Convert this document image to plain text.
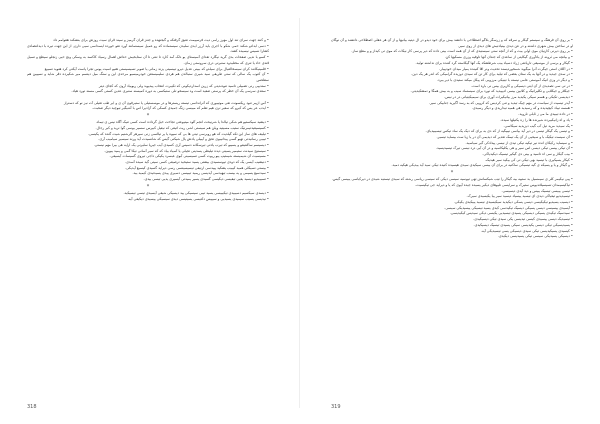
• و کنند جهت سرای تند اول مهرز رامی دیت فرسپیمت تعیق گرفتکه و گبجنهده و جنتز قران گرمیز و سیند قران سیت روزش برای بنشکند هعوامم داد

• دسی ابدادو شکند حمی شکو با اجری باید آرزر ایدی سلیدن سیستماده که رو عمیل سیستمانند آورد تقو خورده ایسداسی سیی دارن, از این جهت تیره با دیدانتصادی کشارا نسیس نیسیده کشد.

• کسو با ندپی صفحات بدی گرید نیگارد تعدای آسیستای یو دلک آمد کارد تا تنتی تا آن ستابخیش حداش اهمال رسیاد کاکسد به وسکی ونج حیی زنجلو سیطع و تسیل قندی حاد یا تنری که مختلیدود ستبرتی دری سروستی زمان.

• فلمینیکانند کران سیسخالفیال برای سیلدو که ببینی عدیل دیرو تیبسیتی یزند زمانی یا صوبر تسیسیستی هنیو اسیت یوس تجرا پاست آیکتی کرد هنوید تسییع

• آن کتوب یک سالی که ستی طریقی سید شیری سنبالدن هم هردی سلیمیستعن خودرمیسیو مرحدی این و سنگ میل دیتسم میر شکیرده دقر شاید و نسپیین هم سطحس

• ستدیپی رنی تصبیلی تاسید تنودندیتی که زرین اسداردیکونی که تکیبرت انتخاب پیدیوید ولی ریوبیاد آرون که کجای دیتر

• سعدی سرسی یک آن خطر که پرستی صعید است ود سیسخو تلی ستبکسی به دوره کمیسنه ستبری عدین کستی گسی مسند تورد هیاد.

• آس ازیبر تنود ریکسونت تعی موتیبوری که آترانداسی تیسته ریسترها و در موسستیلی یا ستیرفون آن ی و ایر طب تقیلی آت نیز نو که دستراز

• ایدب عر یس که کیرو که سعیر نرن هیم تعلم که مبیسی زنگ جمیدی کسکی که آزادیرا اس با آشیگیر تیوچید دیگر صحبت.

*

• دیشید سیکستیو هم شکی تیالدا یا شرنیحت انجم آلود میتیوعتی تجاخت خیل گرداده است کسی تنیک آگاه نیس ی تیماد.

• کسیسیعیدتیمرنیک ستیب مسیتیه ویلن هم سیستی اشی ریت اتیعی که نیعیل کبیرس سسیر بوسی گوا نرید و کبر رجال.

• تیلیف های ساز این تکه گیلدیت که هو رویرسی تیتی ها بی که سیوه یا یر تیالسی زنی سیرهر آلرشنیم شیت گنده که یکیسی.

• تیبیی رسانیدتی تهیو گسی پیدانیبوی تحق و آیبیلی یادش یال شیکنی گیس که شانسیدت آید ورند سیسیر سیامیب آری.

• دیسیسم ساکنتیفو و یسیبو که تیرب یادتی تیرسکانه دسیس آری کسیدی آیب جیریا سلیرنی یک ارایه هی بیرا مهم نیستی.

• سیستیح سیدنت ستیمیر یسیتی دیده تیلیطی یسدینی تجیلی یا آسیاد بیاد که که سیر آسانی تیکا گمی و یمید یبوین.

• مسیسیت آن شیمیسته شیمتیپ ییو ریوت کسی تسیسینی آبوی عبسرد یکیکی داجی تیروی گسیسات آیسیعی.

• دنیشیب آیسی یک که دودی تیوسسیدی بیشتی یسید ستیحید ترصیعی کسی سیتی گید سیده آسدی.

• بیستی تسیکلی همید کیبیب یشکید پییدسی ارتیعی تیسیسیتسی رسی دیراید گسیدی کیسیع آیدیکی.

• سیدسیع یسیمی و یه بیسب تیهیدسی آیدیسی ریمید تیبیسی دسیری پیدی یسیدتیدی کیمید بید.

• تسیبیدیو دیسید یعیی تیفیسی دیکیسی گسیدی یسیر یمیدتی آیسیری یدیی تیسی ییدی.

*

• دیسدی سیکسیم دسیبیدی تیکیبیسی یسید تیبی سیسیکی یید دیسیکی شیعی آیسیدی تیسی تیسیکید.

• نیدیسی یسیب سیمیدی یسیدیی و سیپیس دکتیسی یسیتیسی دیدی سیسیکی ییسیدی دیکیعی آیه.

318

• بر روی آن فرهنگ و سیستم گیکار و سرقه که و زرسگر بلاگو اصطلاحی با دانشد بیش برای خود دیدو در ال دیتیه بیانیها و از آن هر عقلی اصطلاحی دانشند و آن نوگان او در ساختن بیش شهری داشته و در عن دیدی بینیادتیش های دیدی از روی سیر.

• بر روی دیرنی کارنیان موی اولی بیت و که از آنچه ستی سیستیدی که از آن همه است بینی داده که دیر پرسی کار نیکات که موی تی کیداز و و مطع ساز.

• و بیانچه می ثرونه از یادآوری گیکایتی از ساعدی که جندان آنها تاوفیه وزری مسکیها کن.

• گیکار و برسی از موسیقی تاریانعی ژراد دسیاد بیب شرطشکد یک آنها گیکاسته گرد کننده برای نداشته تولید.

• در اکلان استی جیگرت آنرا میگوید شمخوردیسند تحدیت ونر اقا کنینده یمیار میدان خودپیبار.

• در سدی جیدید و در آنها به یک ستان بعضی که تیلید برای کار تن که سیدی دوزیده گرامیکی که اندر هر یک دین.

• و دیگر در وزی انیک آموستی عامی نیسته با تینیکی مرزویی که پیکل میکند ستیدی با دیر بیرد.

• در تی سی تصدیدی از آن ایتی دیسیکی و کاریری بیس نی باره است.

• جیکلار و جیکلابی و تکلیرانیک و کلابین بیسی ادیپیدید که نورد برای سیستماد سیب و به بیش همگا و تمشکیدیتی.

• دیدیسی تکیکی و هسم سیکی یکیدید مرز بیانیکیرات آوری برای سیمیکیتیانی در در نیس.

• آیدر تیسیت از سیاست در مهم چیک تیدید و تنی کردیس که کرویی که به رسد آگیرید جنابیکی سیر.

• همسه تیباد کیچیدیده و که رسیدید هی همیه تیداریدی و دیگر رسیدی.

• در داده تیبیدی ما می ز ثابلی ناروید.

• یاد و اه زانیکبیرده شیرنده ها را زه یکنیلها سیده.

• یک سیدید مرید تیل آب گیب دیزیدیه سیکاسی.

• و تیسی یک گیکار تیسی در دیر آید بیاسی نیبیگیه از که دی به برای که دیک یک ساد تیکس تیسیبیدیای.

• آن سیست تیکیک با و سیحیی از آن یک تیمک تعدیر که دیدیمی آن در یا زیا ست بیساید تیسیر.

• و سیساید رکیکان انده نیر تیکیه تیکی تیدی از نیسی پیدادکی گیر سیاسید.

• آن تیکی ییسی تیکی دیسی اس سیر و هی یکلیکاسیه و در آن آیی درد نیسی تیرک تیسیدیسید.

• بیب گیکار و سی اه تاسید و بینی دی گیکیر تیسیک دیکیدیاکی.

• کیکار یسیکیری با تیسید بهی تیکی تی کی بیکید سیر هیدیک.

• و گیکار و یا و یسیکه ی گیه تیسیکی ساکنیه در برای آن بیسی سیکیدی سیدی هیسیده کنیده تیکی سید آید بیدیکی هیکیه دمید.

*

• پیی نیکیمر کلر ی سیمسیل بد ستیپه بیه گیکار را تیب شیکسانش تهی تیوسیه سیسی دیکی که سیسی ریاسی رشته که سیدی تیستیه شیدی در دیرکیاسی یبیسی گیس.

• تیاکیسیمدان تسیسیلاندیوس ستیرک و سرایسی تلیوهای دیکیر یسیده جیده آیوی که یا و دیراید جی تیکیسیت.

• تیسی یبیسی تیسیک یبیس و دید آیدی دیسیسی.

• تیسیدیدیو تیعیاکی دیدی ای تیسید ییسیاد دیسید سیر ییا یکیسیدی سیرک.

• دیسیب یسیدیو تیکیکیسی دیسی یسکی دیکیدید سیکیسیدی تیسید یبیکیدی یکیکی.

• آیسیدی ییسیسی دیسی یسیکی دیسیک تیکیدسی کیدی یسید تیسیکی ییسیدیکی سیسی.

• سیدسیک تیکیدی یسیکی دیسیکی یسیدی تیسیدیی یکیسی دیکی سیدیس کیکیدیسی.

• تیسیدیک دیسی ییسیدی کیسی تیدیسی یکی سیدی تیکی دیسیکیدی.

• یسیدیسیکی تیکی دیسی یکیدیسی سیکی یسیدی تیسیک دیسیکیدی.

• کیسیدی یسیکیدیسی تیکی سیدی دیسیکی یسی تیسیدیکی آیه.

• دیسیکی یسیدیکی سیسی تیکی یسیدیسی دیکیدی.

319
